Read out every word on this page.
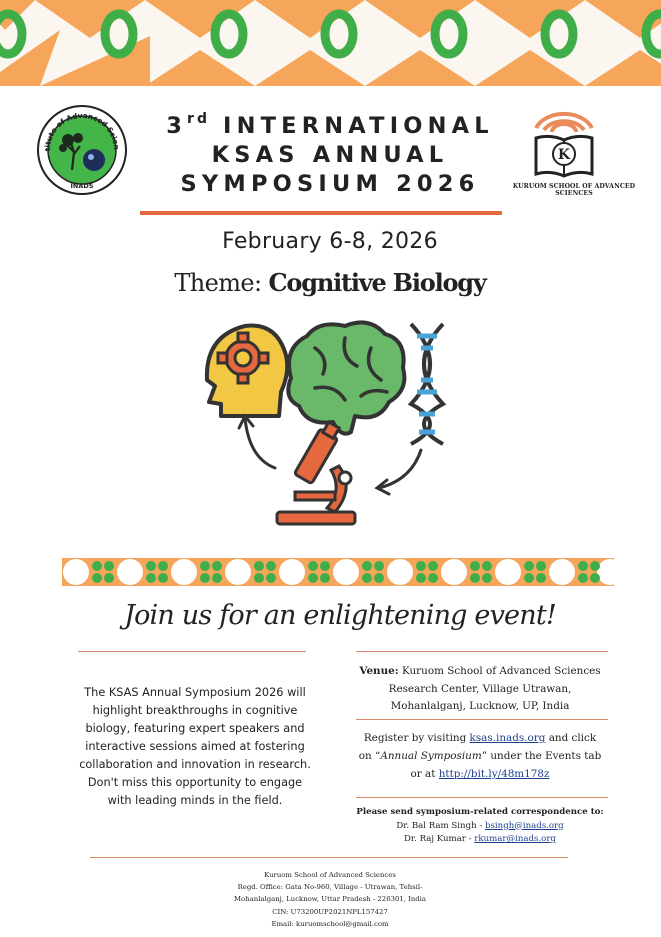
titute of Advanced Scien
INADS
K
KURUOM SCHOOL OF ADVANCED SCIENCES
3rd INTERNATIONAL
KSAS ANNUAL
SYMPOSIUM 2026
February 6-8, 2026
Theme: Cognitive Biology
Join us for an enlightening event!
The KSAS Annual Symposium 2026 will
highlight breakthroughs in cognitive
biology, featuring expert speakers and
interactive sessions aimed at fostering
collaboration and innovation in research.
Don't miss this opportunity to engage
with leading minds in the field.
Venue: Kuruom School of Advanced Sciences
Research Center, Village Utrawan,
Mohanlalganj, Lucknow, UP, India
Register by visiting ksas.inads.org and click
on “Annual Symposium” under the Events tab
or at http://bit.ly/48m178z
Please send symposium-related correspondence to:
Dr. Bal Ram Singh - bsingh@inads.org
Dr. Raj Kumar - rkumar@inads.org
Kuruom School of Advanced Sciences
Regd. Office: Gata No-960, Village - Utrawan, Tehsil-
Mohanlalganj, Lucknow, Uttar Pradesh - 226301, India
CIN: U73200UP2021NPL157427
Email: kuruomschool@gmail.com
